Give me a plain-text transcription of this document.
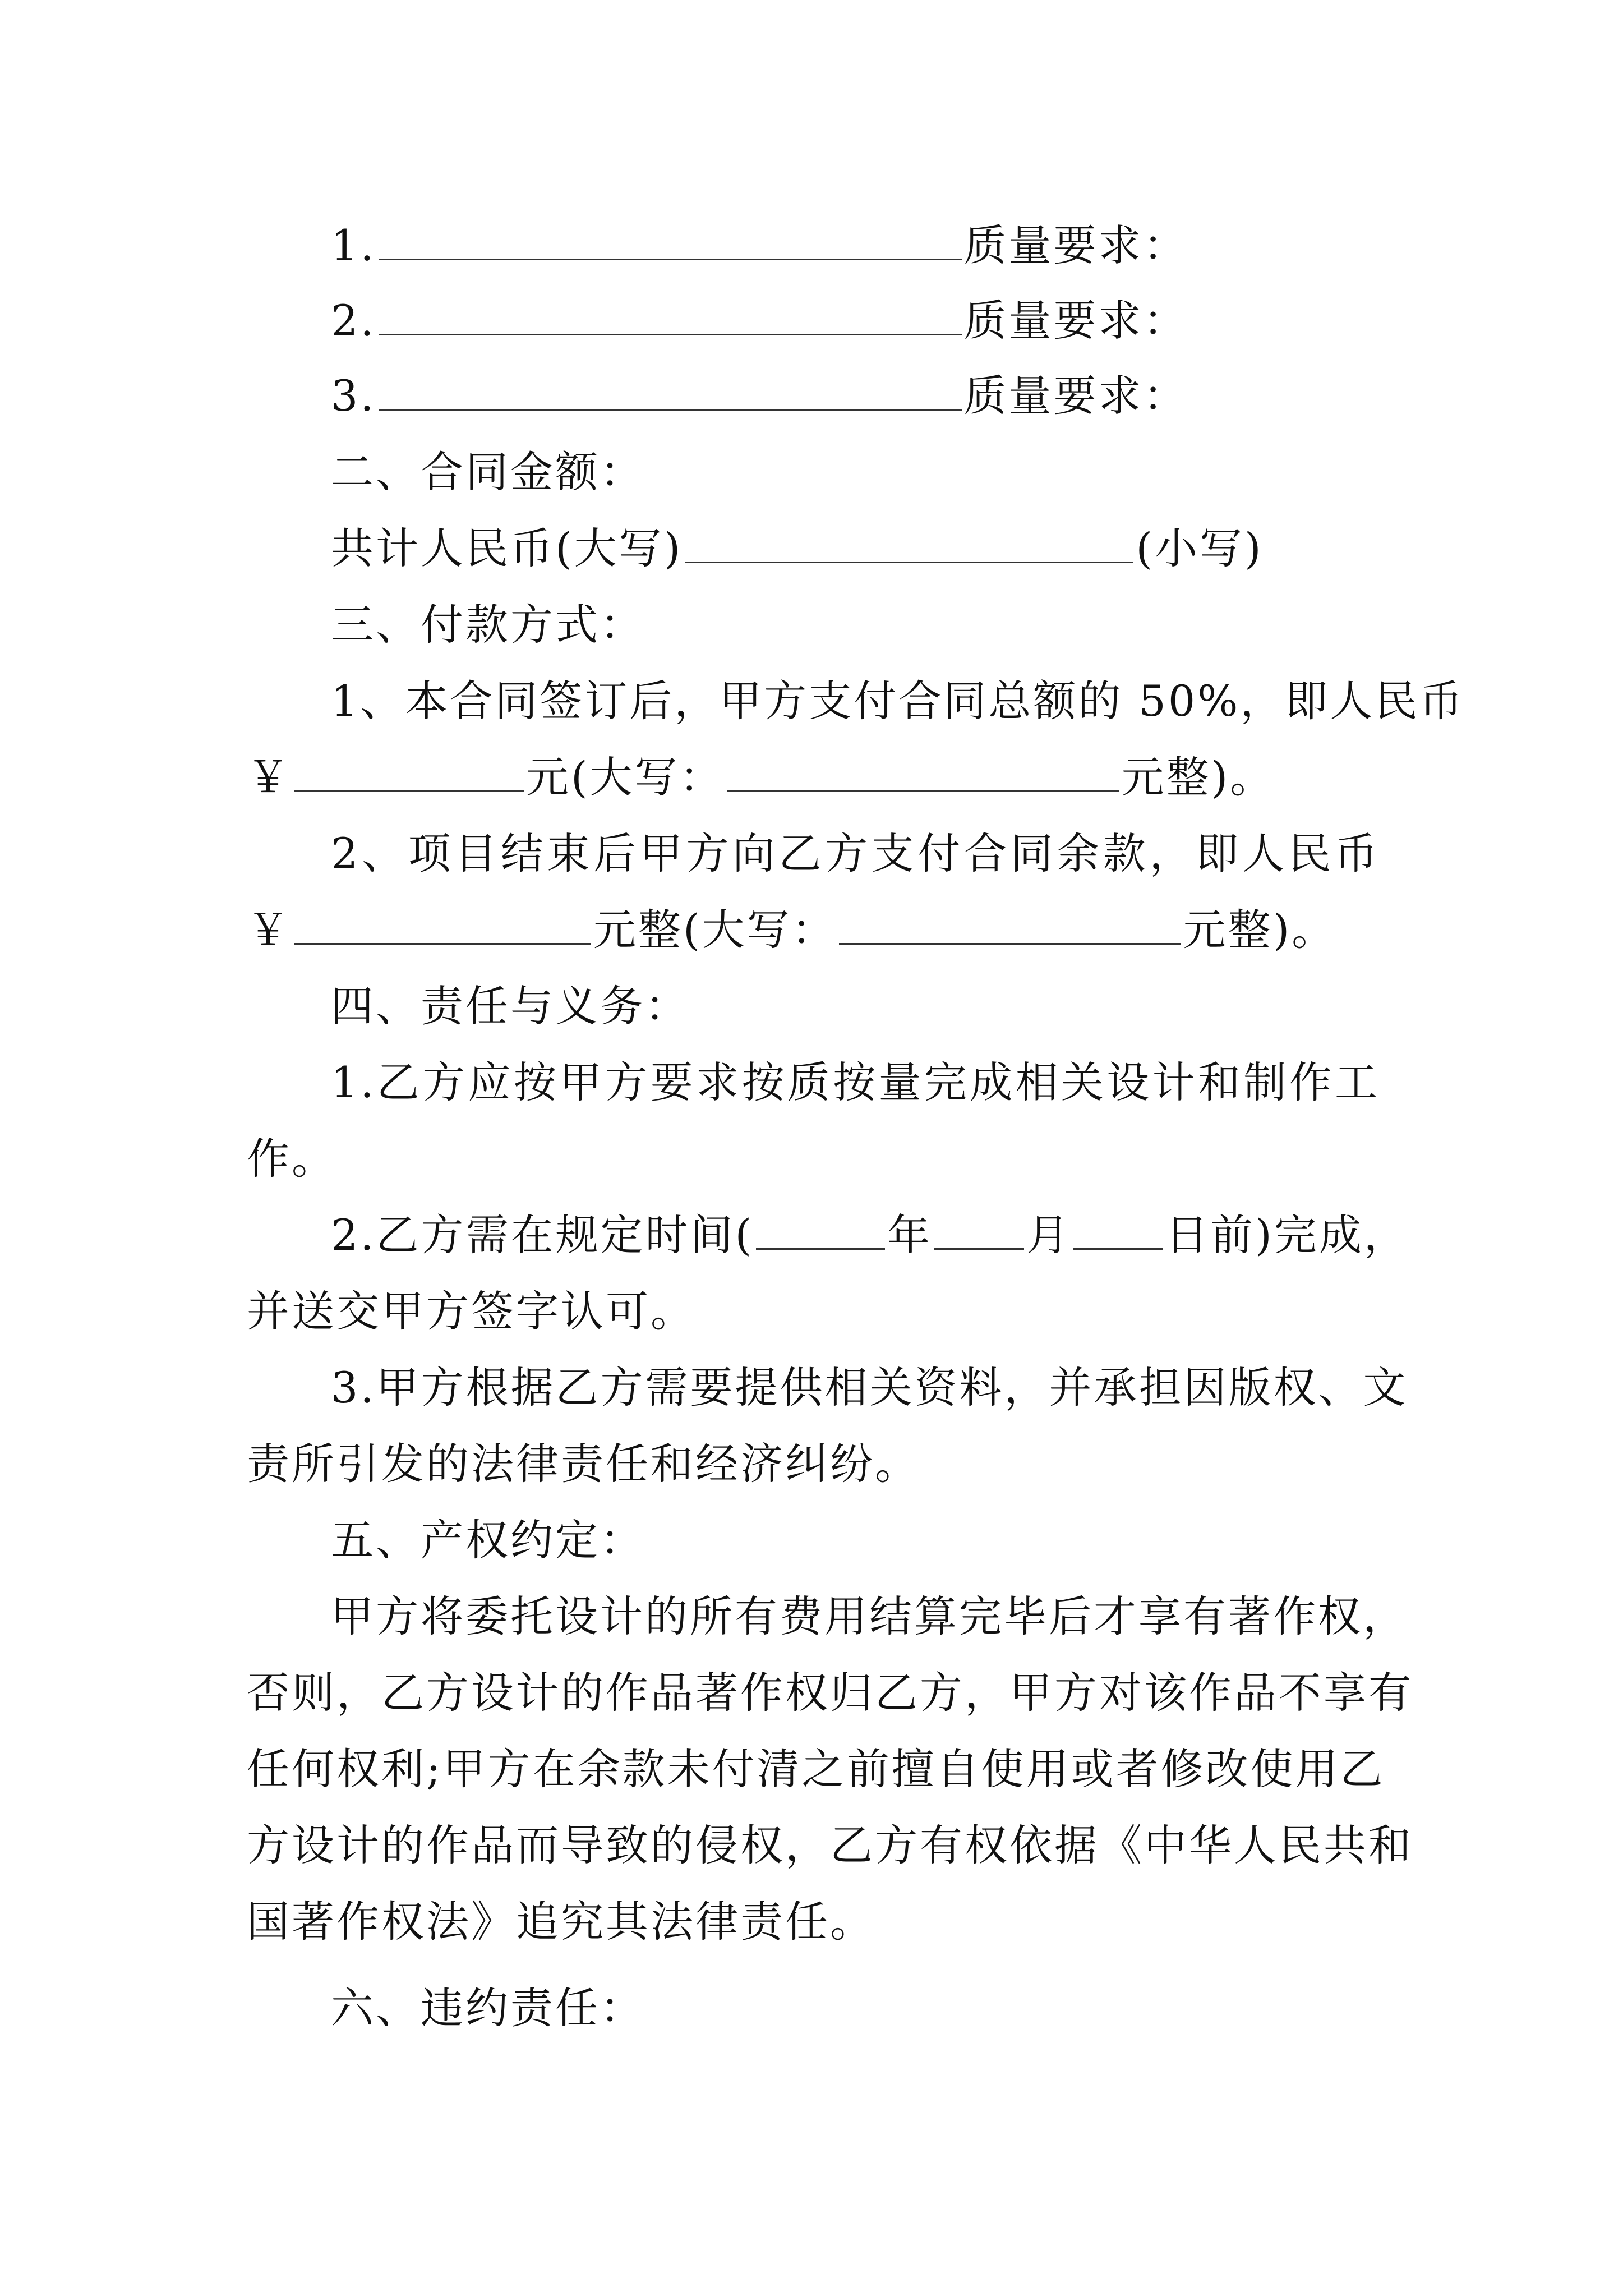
1.	质量要求：
2.	质量要求：
3.	质量要求：
二、合同金额：
共计人民币(大写)	(小写)
三、付款方式：
1、本合同签订后，甲方支付合同总额的 50%，即人民币
￥	元(大写：	元整)。
2、项目结束后甲方向乙方支付合同余款，即人民币
￥	元整(大写：	元整)。
四、责任与义务：
1.乙方应按甲方要求按质按量完成相关设计和制作工
作。
2.乙方需在规定时间(	年 月 日前)完成，
并送交甲方签字认可。
3.甲方根据乙方需要提供相关资料，并承担因版权、文
责所引发的法律责任和经济纠纷。
五、产权约定：
甲方将委托设计的所有费用结算完毕后才享有著作权，
否则，乙方设计的作品著作权归乙方，甲方对该作品不享有
任何权利;甲方在余款未付清之前擅自使用或者修改使用乙
方设计的作品而导致的侵权，乙方有权依据《中华人民共和
国著作权法》追究其法律责任。
六、违约责任：
